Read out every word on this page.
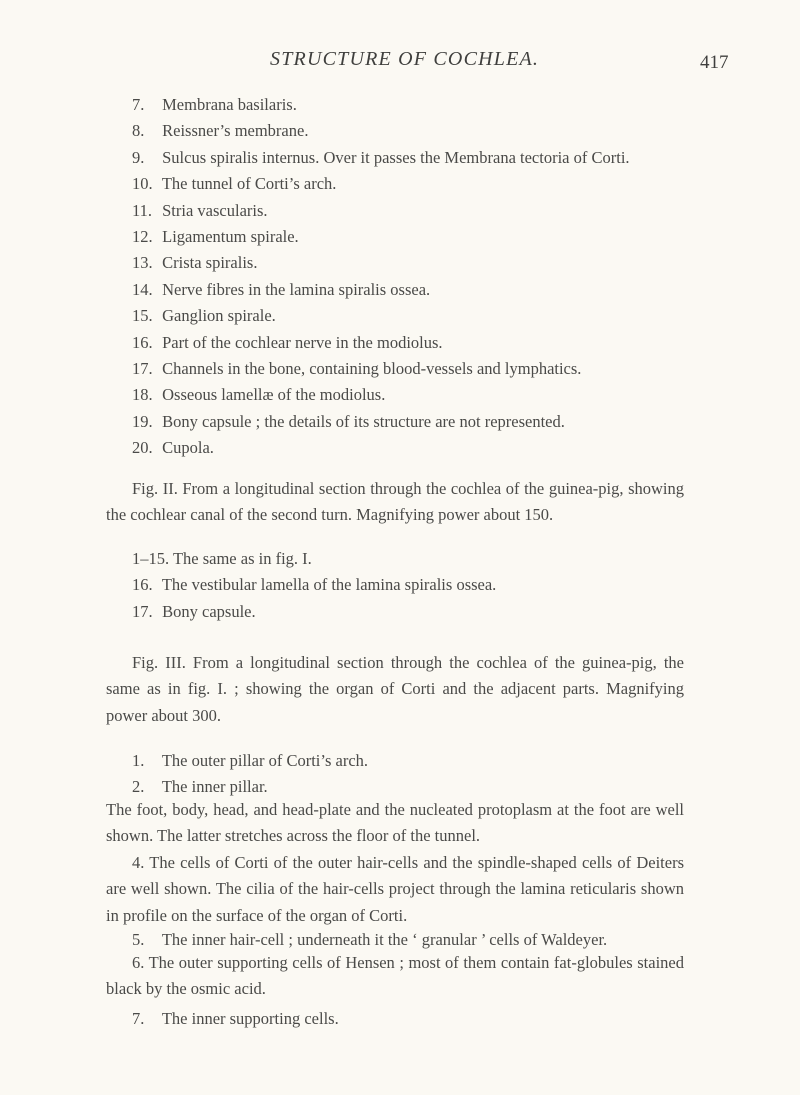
STRUCTURE OF COCHLEA.	417
7. Membrana basilaris.
8. Reissner’s membrane.
9. Sulcus spiralis internus. Over it passes the Membrana tectoria of Corti.
10. The tunnel of Corti’s arch.
11. Stria vascularis.
12. Ligamentum spirale.
13. Crista spiralis.
14. Nerve fibres in the lamina spiralis ossea.
15. Ganglion spirale.
16. Part of the cochlear nerve in the modiolus.
17. Channels in the bone, containing blood-vessels and lymphatics.
18. Osseous lamellæ of the modiolus.
19. Bony capsule ; the details of its structure are not represented.
20. Cupola.
Fig. II. From a longitudinal section through the cochlea of the guinea-pig, showing the cochlear canal of the second turn. Magnifying power about 150.
1–15. The same as in fig. I.
16. The vestibular lamella of the lamina spiralis ossea.
17. Bony capsule.
Fig. III. From a longitudinal section through the cochlea of the guinea-pig, the same as in fig. I. ; showing the organ of Corti and the adjacent parts. Magnifying power about 300.
1. The outer pillar of Corti’s arch.
2. The inner pillar.
The foot, body, head, and head-plate and the nucleated protoplasm at the foot are well shown. The latter stretches across the floor of the tunnel.
4. The cells of Corti of the outer hair-cells and the spindle-shaped cells of Deiters are well shown. The cilia of the hair-cells project through the lamina reticularis shown in profile on the surface of the organ of Corti.
5. The inner hair-cell ; underneath it the ‘ granular ’ cells of Waldeyer.
6. The outer supporting cells of Hensen ; most of them contain fat-globules stained black by the osmic acid.
7. The inner supporting cells.
